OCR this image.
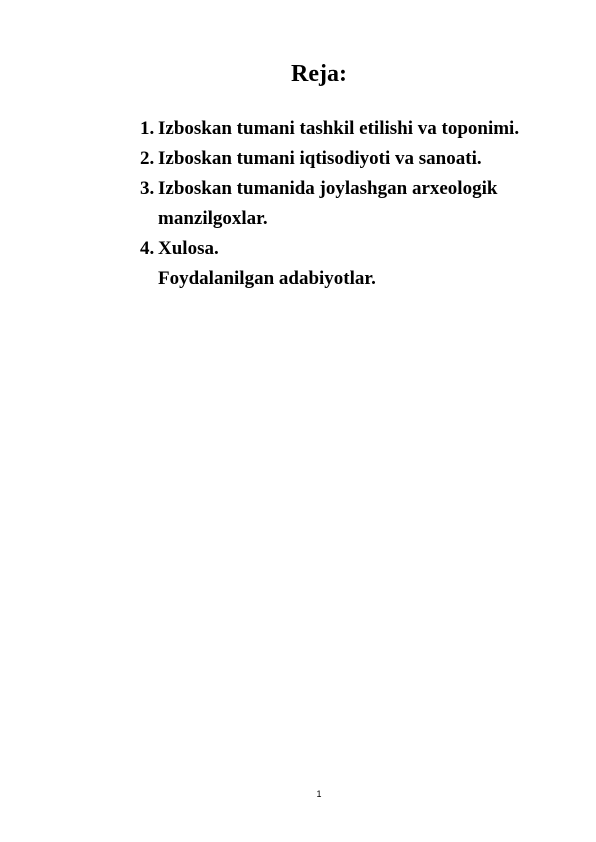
Reja:
1. Izboskan tumani tashkil etilishi va toponimi.
2. Izboskan tumani iqtisodiyoti va sanoati.
3. Izboskan tumanida joylashgan arxeologik manzilgoxlar.
4. Xulosa.
Foydalanilgan adabiyotlar.
1
